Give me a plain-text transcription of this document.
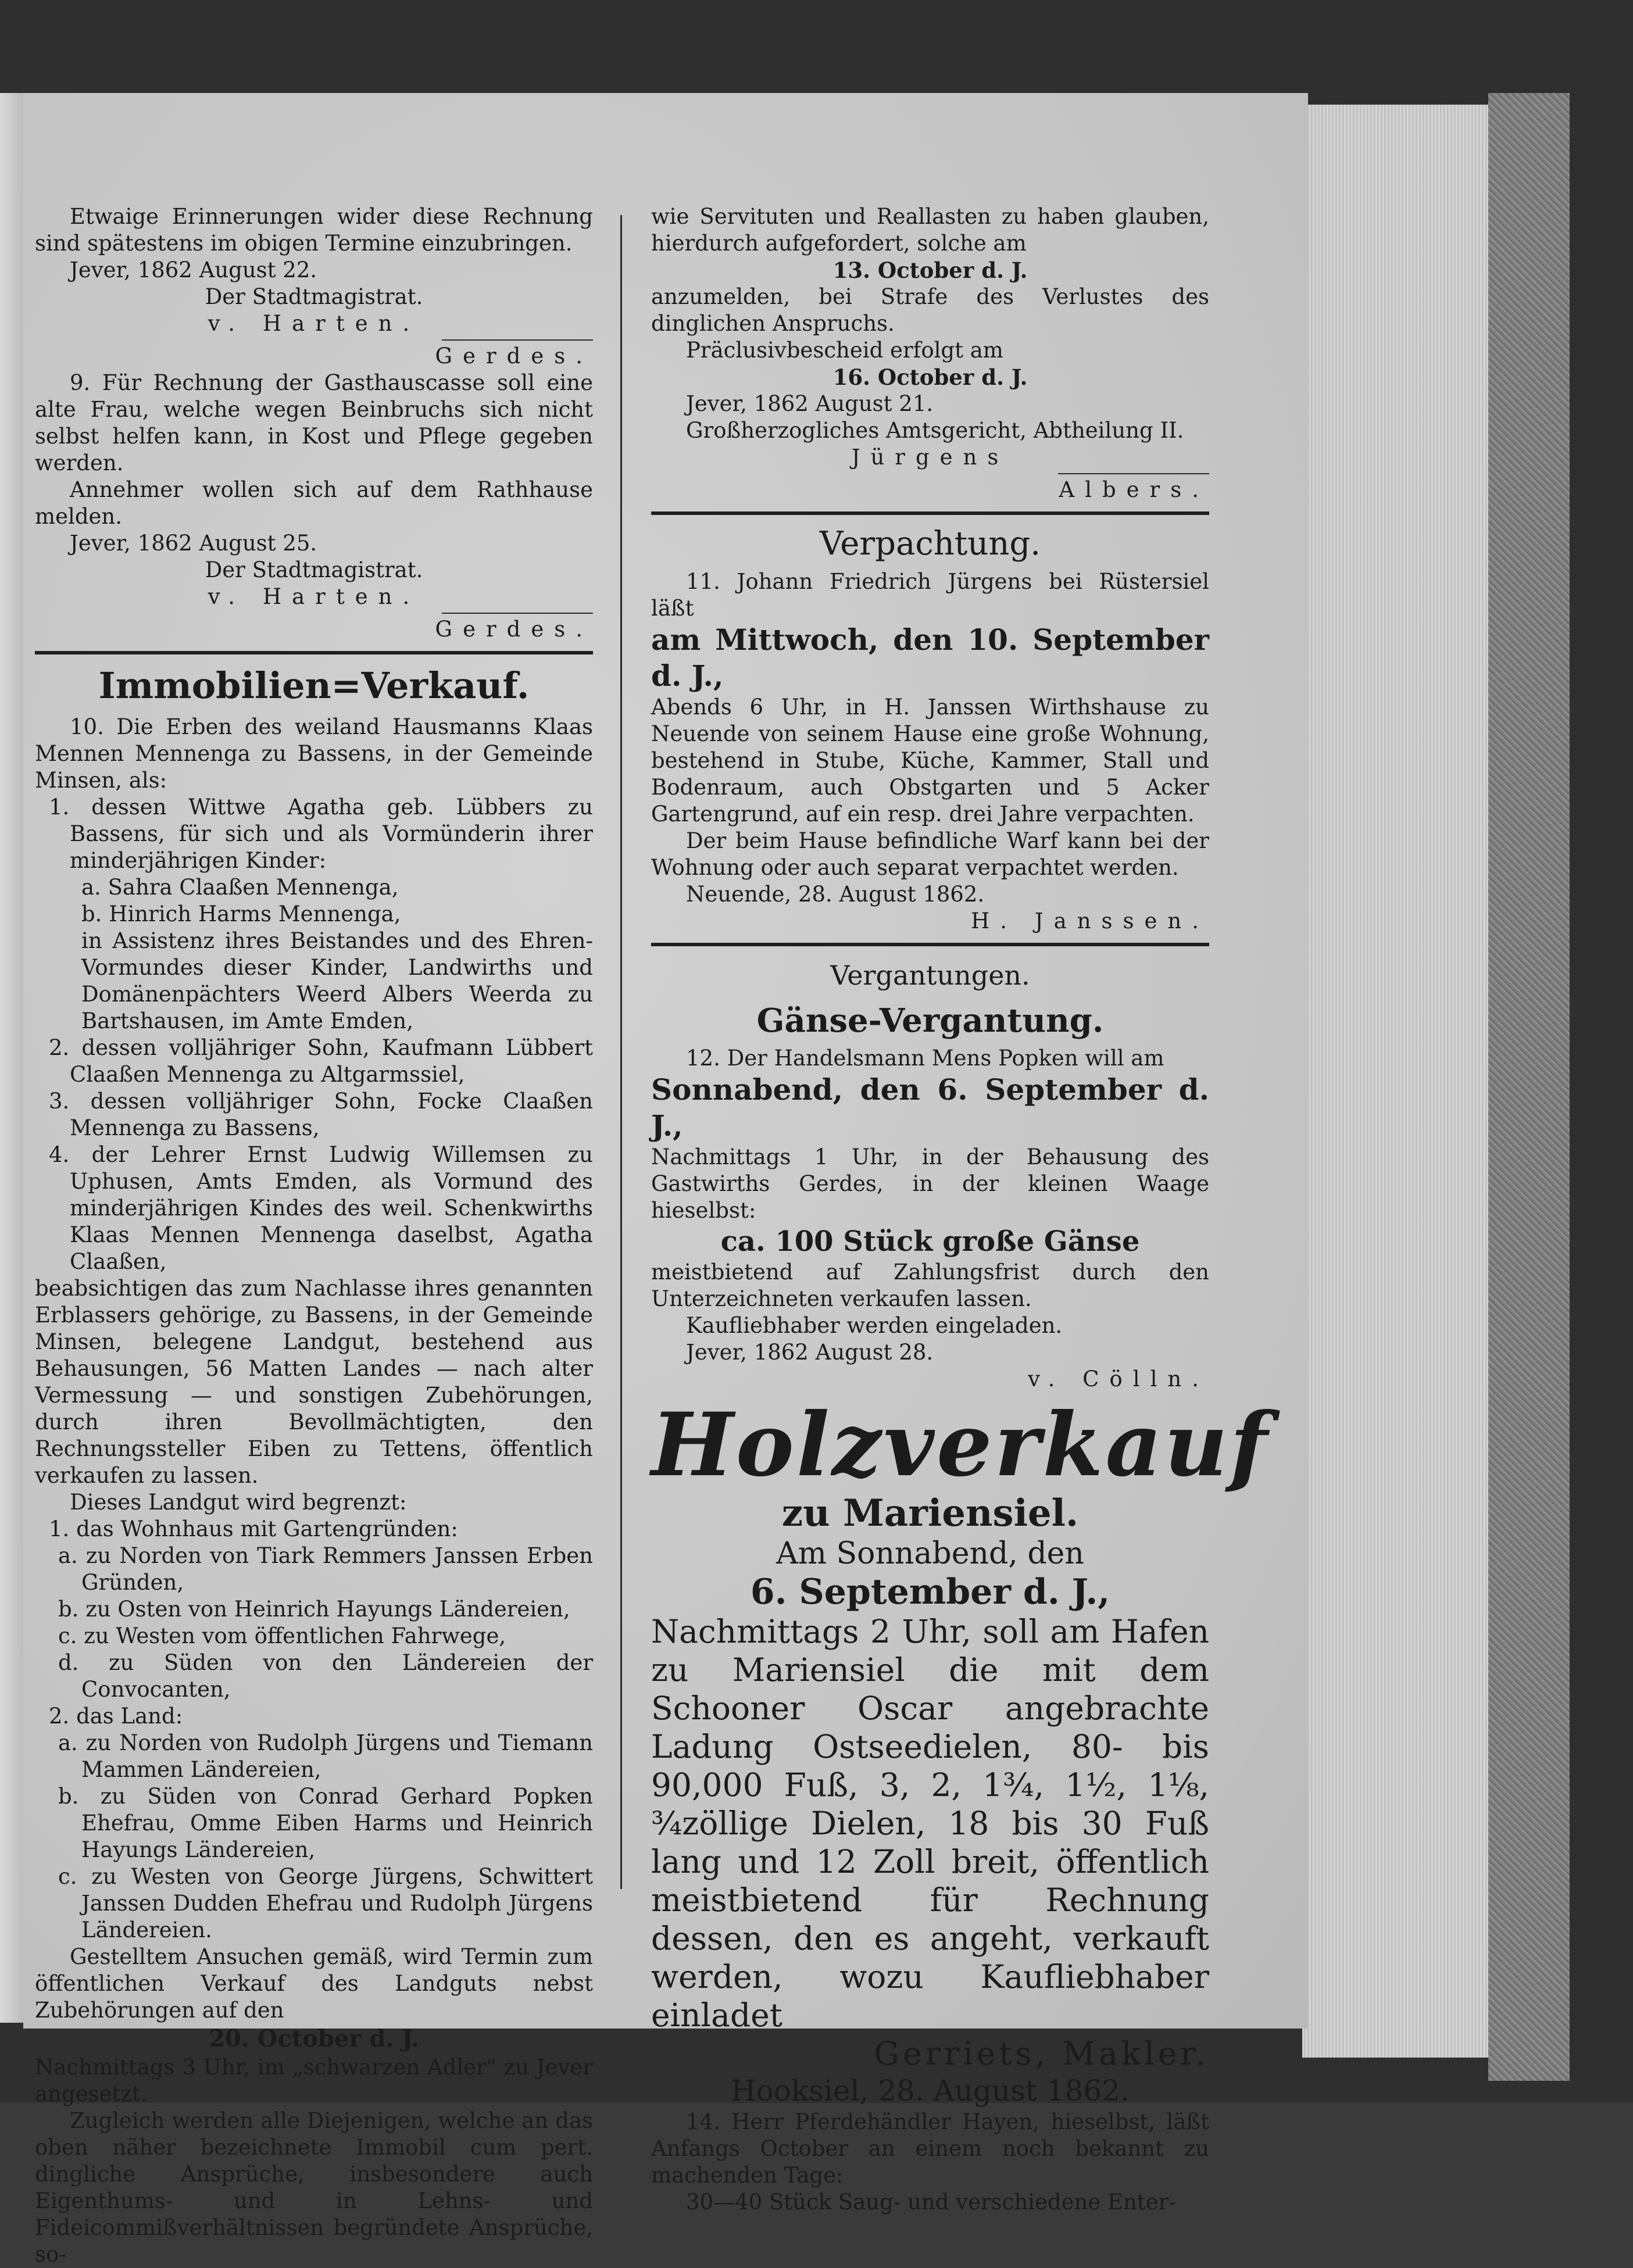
Etwaige Erinnerungen wider diese Rechnung sind spätestens im obigen Termine einzubringen.

Jever, 1862 August 22.

Der Stadtmagistrat.

v. Harten.

Gerdes.

9. Für Rechnung der Gasthauscasse soll eine alte Frau, welche wegen Beinbruchs sich nicht selbst helfen kann, in Kost und Pflege gegeben werden.

Annehmer wollen sich auf dem Rathhause melden.

Jever, 1862 August 25.

Der Stadtmagistrat.

v. Harten.

Gerdes.

Immobilien=Verkauf.

10. Die Erben des weiland Hausmanns Klaas Mennen Mennenga zu Bassens, in der Gemeinde Minsen, als:

1. dessen Wittwe Agatha geb. Lübbers zu Bassens, für sich und als Vormünderin ihrer minderjährigen Kinder:

a. Sahra Claaßen Mennenga,

b. Hinrich Harms Mennenga,

in Assistenz ihres Beistandes und des Ehren-Vormundes dieser Kinder, Landwirths und Domänenpächters Weerd Albers Weerda zu Bartshausen, im Amte Emden,

2. dessen volljähriger Sohn, Kaufmann Lübbert Claaßen Mennenga zu Altgarmssiel,

3. dessen volljähriger Sohn, Focke Claaßen Mennenga zu Bassens,

4. der Lehrer Ernst Ludwig Willemsen zu Uphusen, Amts Emden, als Vormund des minderjährigen Kindes des weil. Schenkwirths Klaas Mennen Mennenga daselbst, Agatha Claaßen,

beabsichtigen das zum Nachlasse ihres genannten Erblassers gehörige, zu Bassens, in der Gemeinde Minsen, belegene Landgut, bestehend aus Behausungen, 56 Matten Landes — nach alter Vermessung — und sonstigen Zubehörungen, durch ihren Bevollmächtigten, den Rechnungssteller Eiben zu Tettens, öffentlich verkaufen zu lassen.

Dieses Landgut wird begrenzt:

1. das Wohnhaus mit Gartengründen:

a. zu Norden von Tiark Remmers Janssen Erben Gründen,

b. zu Osten von Heinrich Hayungs Ländereien,

c. zu Westen vom öffentlichen Fahrwege,

d. zu Süden von den Ländereien der Convocanten,

2. das Land:

a. zu Norden von Rudolph Jürgens und Tiemann Mammen Ländereien,

b. zu Süden von Conrad Gerhard Popken Ehefrau, Omme Eiben Harms und Heinrich Hayungs Ländereien,

c. zu Westen von George Jürgens, Schwittert Janssen Dudden Ehefrau und Rudolph Jürgens Ländereien.

Gestelltem Ansuchen gemäß, wird Termin zum öffentlichen Verkauf des Landguts nebst Zubehörungen auf den

20. October d. J.

Nachmittags 3 Uhr, im „schwarzen Adler" zu Jever angesetzt.

Zugleich werden alle Diejenigen, welche an das oben näher bezeichnete Immobil cum pert. dingliche Ansprüche, insbesondere auch Eigenthums- und in Lehns- und Fideicommißverhältnissen begründete Ansprüche, so-

wie Servituten und Reallasten zu haben glauben, hierdurch aufgefordert, solche am

13. October d. J.

anzumelden, bei Strafe des Verlustes des dinglichen Anspruchs.

Präclusivbescheid erfolgt am

16. October d. J.

Jever, 1862 August 21.

Großherzogliches Amtsgericht, Abtheilung II.

Jürgens

Albers.

Verpachtung.

11. Johann Friedrich Jürgens bei Rüstersiel läßt

am Mittwoch, den 10. September d. J.,

Abends 6 Uhr, in H. Janssen Wirthshause zu Neuende von seinem Hause eine große Wohnung, bestehend in Stube, Küche, Kammer, Stall und Bodenraum, auch Obstgarten und 5 Acker Gartengrund, auf ein resp. drei Jahre verpachten.

Der beim Hause befindliche Warf kann bei der Wohnung oder auch separat verpachtet werden.

Neuende, 28. August 1862.

H. Janssen.

Vergantungen.
Gänse-Vergantung.

12. Der Handelsmann Mens Popken will am

Sonnabend, den 6. September d. J.,

Nachmittags 1 Uhr, in der Behausung des Gastwirths Gerdes, in der kleinen Waage hieselbst:

ca. 100 Stück große Gänse

meistbietend auf Zahlungsfrist durch den Unterzeichneten verkaufen lassen.

Kaufliebhaber werden eingeladen.

Jever, 1862 August 28.

v. Cölln.

Holzverkauf

zu Mariensiel.

Am Sonnabend, den

6. September d. J.,

Nachmittags 2 Uhr, soll am Hafen zu Mariensiel die mit dem Schooner Oscar angebrachte Ladung Ostseedielen, 80- bis 90,000 Fuß, 3, 2, 1¾, 1½, 1⅛, ¾zöllige Dielen, 18 bis 30 Fuß lang und 12 Zoll breit, öffentlich meistbietend für Rechnung dessen, den es angeht, verkauft werden, wozu Kaufliebhaber einladet

Gerriets, Makler.

Hooksiel, 28. August 1862.

14. Herr Pferdehändler Hayen, hieselbst, läßt Anfangs October an einem noch bekannt zu machenden Tage:

30—40 Stück Saug- und verschiedene Enter-
